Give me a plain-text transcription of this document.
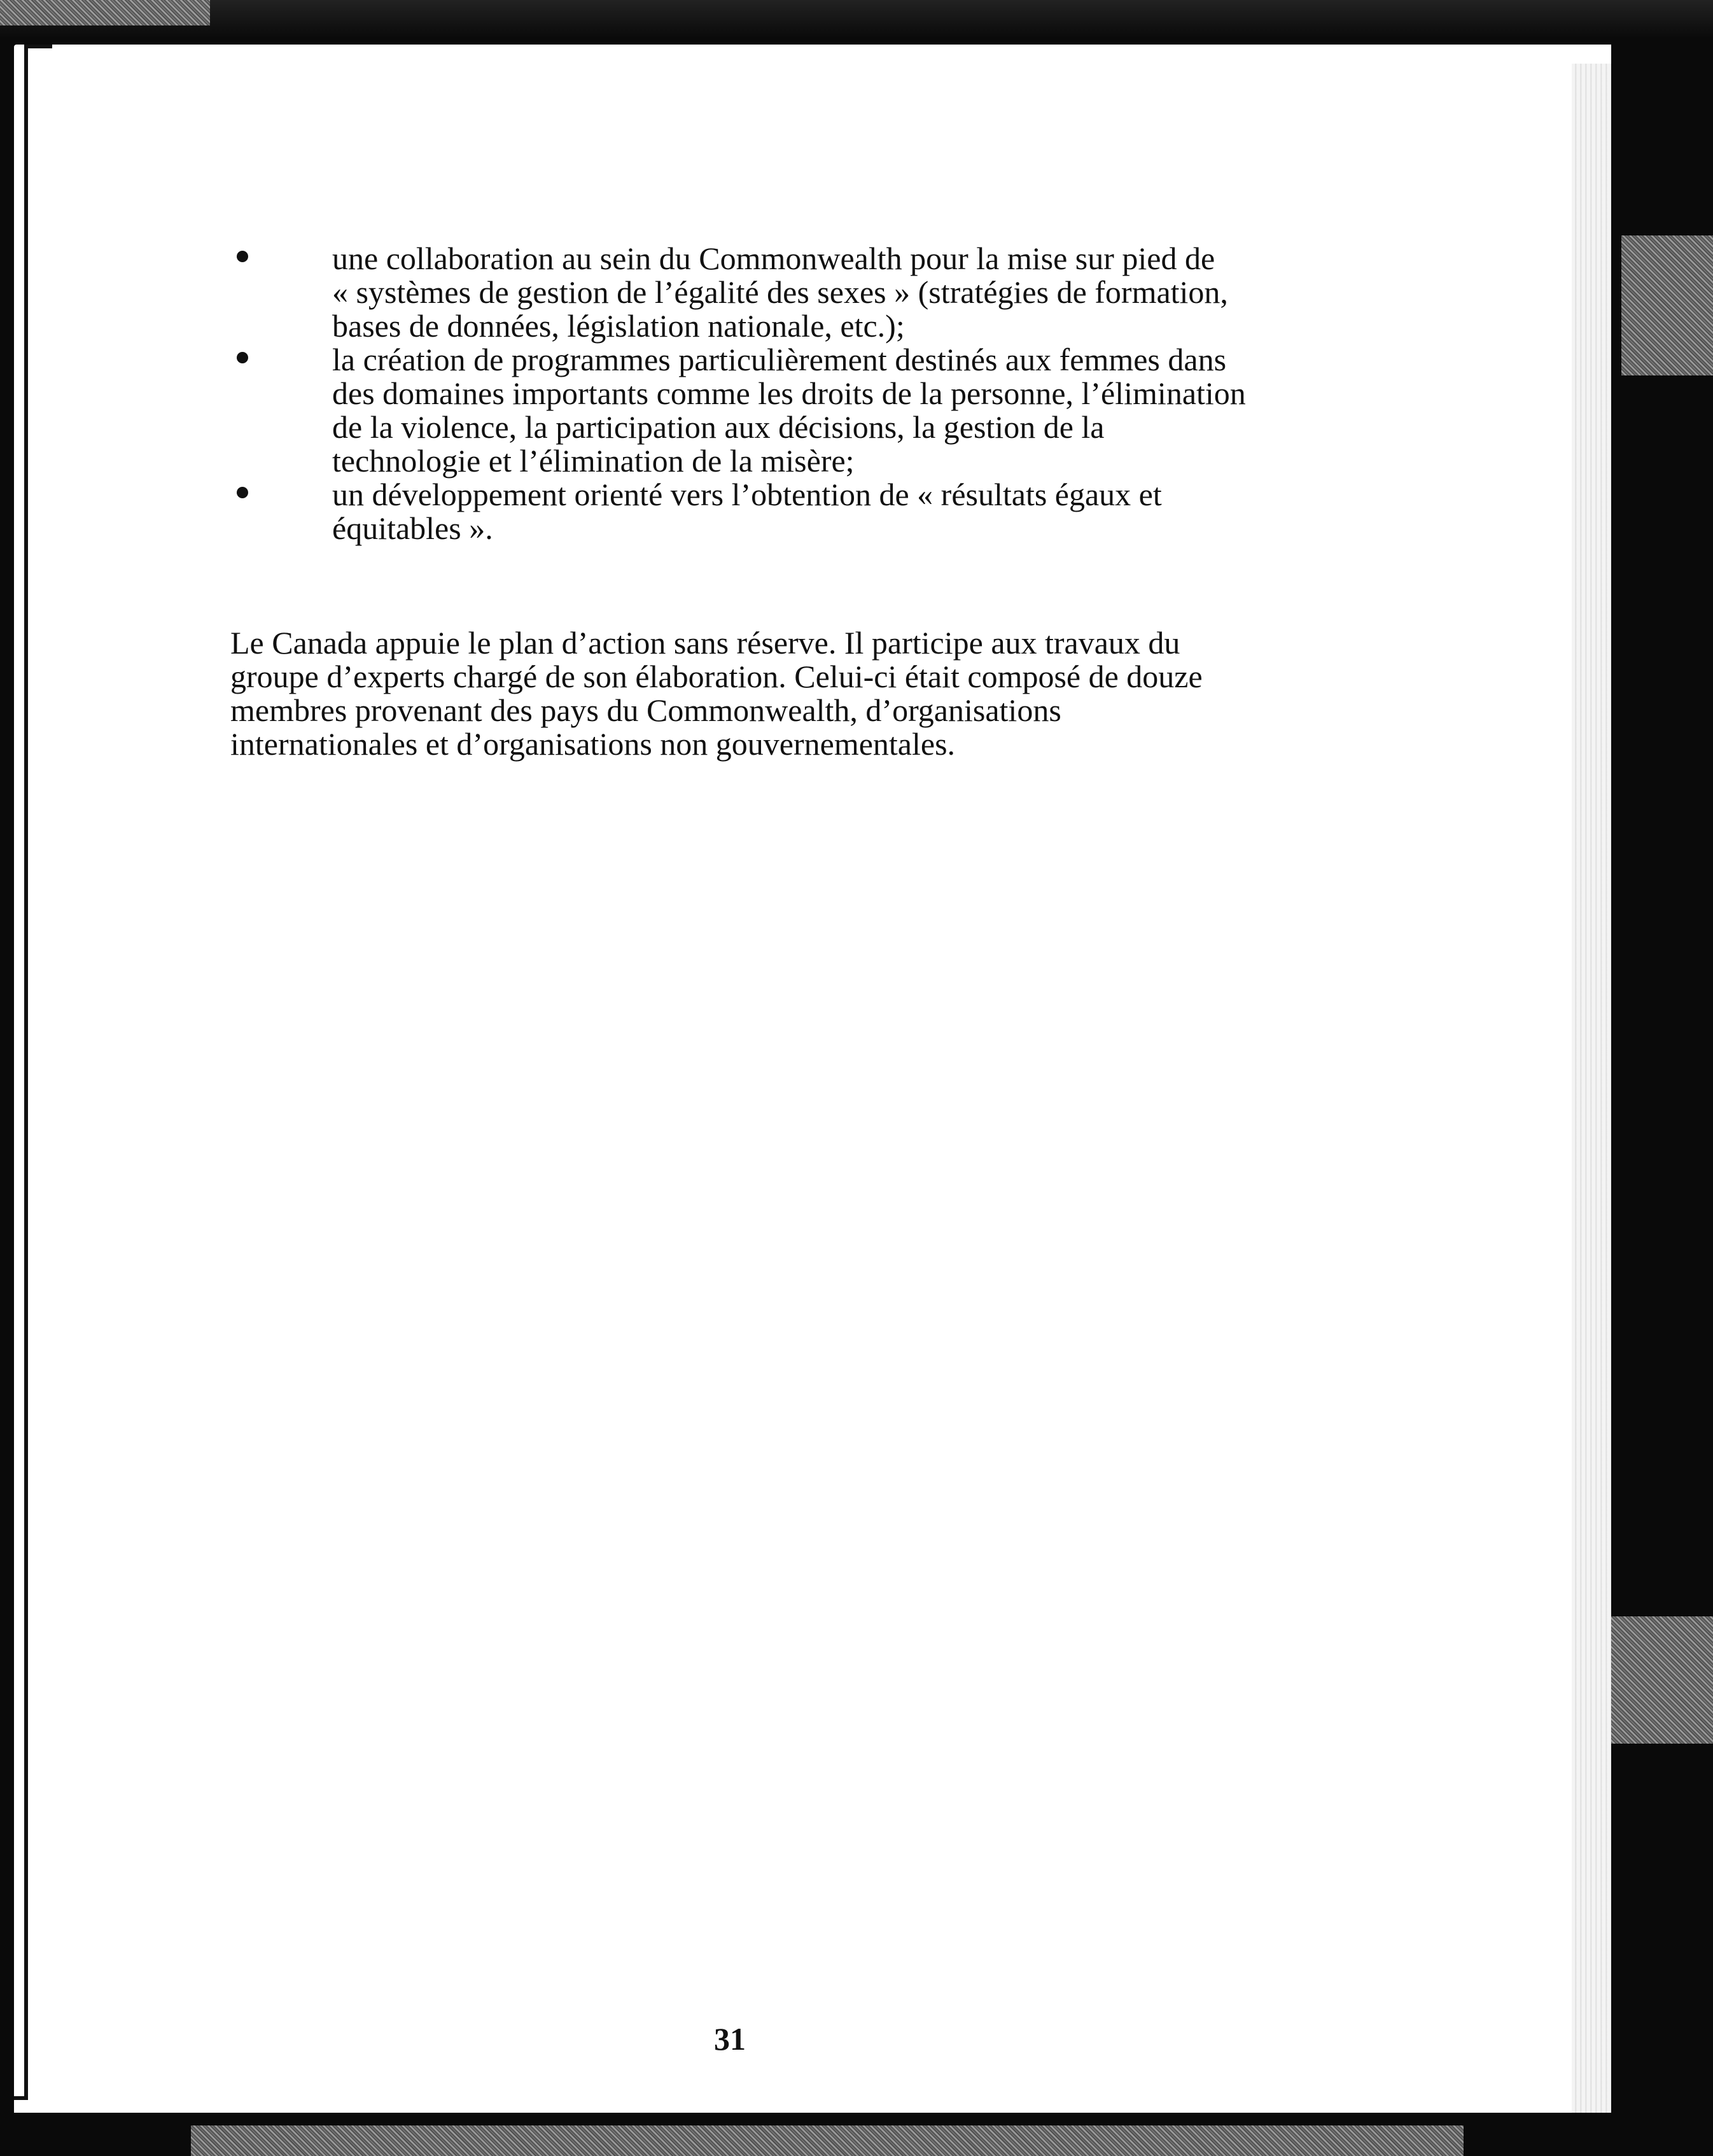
une collaboration au sein du Commonwealth pour la mise sur pied de
« systèmes de gestion de l’égalité des sexes » (stratégies de formation,
bases de données, législation nationale, etc.);
la création de programmes particulièrement destinés aux femmes dans
des domaines importants comme les droits de la personne, l’élimination
de la violence, la participation aux décisions, la gestion de la
technologie et l’élimination de la misère;
un développement orienté vers l’obtention de « résultats égaux et
équitables ».

Le Canada appuie le plan d’action sans réserve. Il participe aux travaux du
groupe d’experts chargé de son élaboration. Celui-ci était composé de douze
membres provenant des pays du Commonwealth, d’organisations
internationales et d’organisations non gouvernementales.

31
